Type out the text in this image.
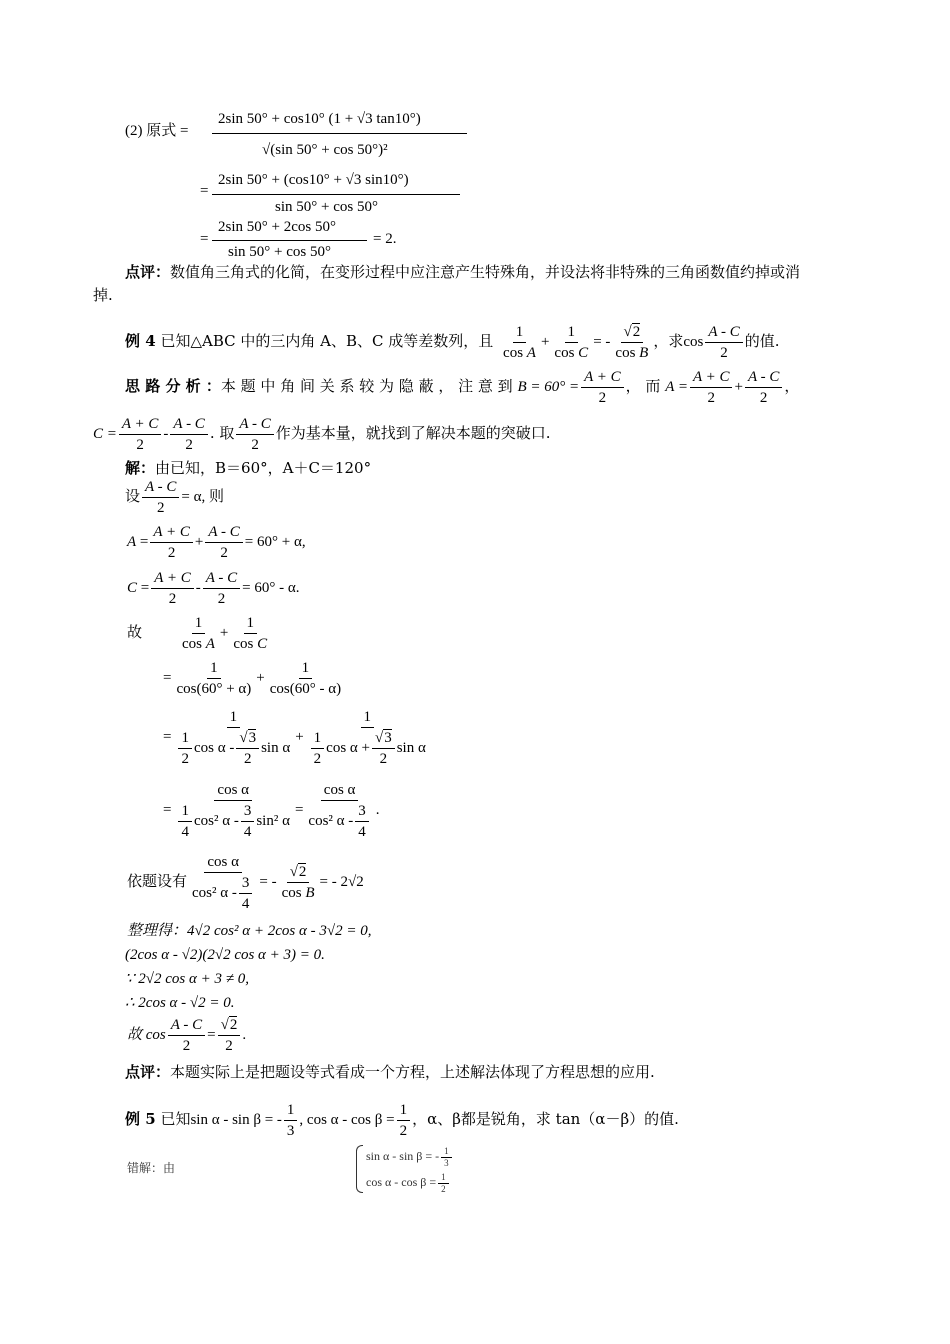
(2) 原式 =
2sin 50° + cos10° (1 + √3 tan10°)
√(sin 50° + cos 50°)²
=
2sin 50° + (cos10° + √3 sin10°)
sin 50° + cos 50°
=
2sin 50° + 2cos 50°
sin 50° + cos 50°
= 2.
点评：数值角三角式的化简，在变形过程中应注意产生特殊角，并设法将非特殊的三角函数值约掉或消
掉.
例 4 已知△ABC 中的三内角 A、B、C 成等差数列，且 $\frac{1}{\text{cos A}} + \frac{1}{\text{cos C}}$ = - $\frac{√2}{\text{cos B}}$ ，求$\cos \frac{A - C}{2}$ 的值.
思 路 分 析 ：本 题 中 角 间 关 系 较 为 隐 蔽 ， 注 意 到 $B = 60^\circ = \frac{A + C}{2}$ ， 而 $A = \frac{A + C}{2} + \frac{A - C}{2}$ ，
$C = \frac{A + C}{2} - \frac{A - C}{2}$ . 取 $\frac{A - C}{2}$ 作为基本量，就找到了解决本题的突破口.
解：由已知，B＝60°，A＋C＝120°
设 $\frac{A - C}{2} = \alpha$, 则
$A = \frac{A + C}{2} + \frac{A - C}{2} = 60^\circ + \alpha$,
$C = \frac{A + C}{2} - \frac{A - C}{2} = 60^\circ - \alpha$.
故 $\frac{1}{\text{cos A}} + \frac{1}{\text{cos C}}$
= $\frac{1}{\cos(60^\circ + \alpha)} + \frac{1}{\cos(60^\circ - \alpha)}$
= $\frac{1}{\frac{1}{2} \cos \alpha - \frac{√3}{2} \sin \alpha} + \frac{1}{\frac{1}{2} \cos \alpha + \frac{√3}{2} \sin \alpha}$
= $\frac{\text{cos α}}{\frac{1}{4} \cos^2 \alpha - \frac{3}{4} \sin^2 \alpha} = \frac{\text{cos α}}{\cos^2 \alpha - \frac{3}{4}}$ .
依题设有 $\frac{\text{cos α}}{\cos^2 \alpha - \frac{3}{4}}$ = - $\frac{√2}{\text{cos B}}$ = - 2√2
整理得：4√2 cos² α + 2cos α - 3√2 = 0,
(2cos α - √2)(2√2 cos α + 3) = 0.
∵ 2√2 cos α + 3 ≠ 0,
∴ 2cos α - √2 = 0.
故 $\cos \frac{A - C}{2} = \frac{√2}{2}$ .
点评：本题实际上是把题设等式看成一个方程，上述解法体现了方程思想的应用.
例 5 已知sin α - sin β = - $\frac{1}{3}$ , $\cos \alpha - \cos \beta = \frac{1}{2}$ ，α、β都是锐角，求 tan（α－β）的值.
错解：由
sin α - sin β = - $\frac{1}{3}$
$\cos \alpha - \cos \beta = \frac{1}{2}$
